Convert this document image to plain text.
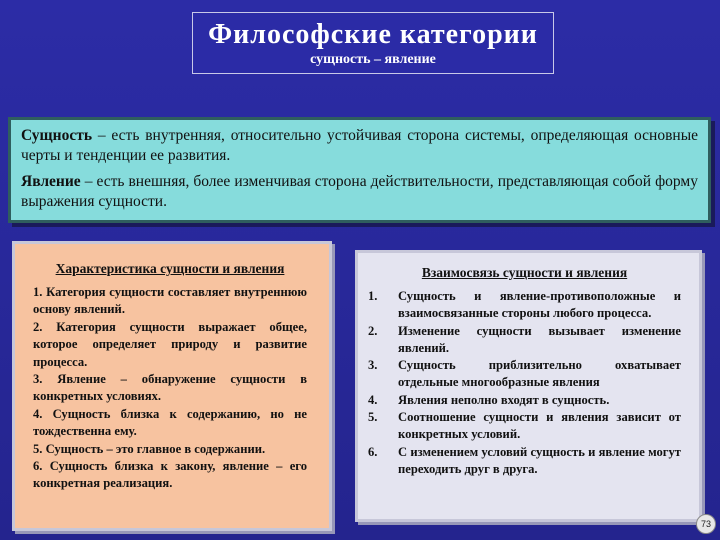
Философские категории
сущность – явление

Сущность – есть внутренняя, относительно устойчивая сторона системы, определяющая основные черты и тенденции ее развития.

Явление – есть внешняя, более изменчивая сторона действительности, представляющая собой форму выражения сущности.

Характеристика сущности и явления
1. Категория сущности составляет внутреннюю основу явлений.
2. Категория сущности выражает общее, которое определяет природу и развитие процесса.
3. Явление – обнаружение сущности в конкретных условиях.
4. Сущность близка к содержанию, но не тождественна ему.
5. Сущность – это главное в содержании.
6. Сущность близка к закону, явление – его конкретная реализация.
Взаимосвязь сущности и явления
1.	Сущность и явление-противоположные и взаимосвязанные стороны любого процесса.
2.	Изменение сущности вызывает изменение явлений.
3.	Сущность приблизительно охватывает отдельные многообразные явления
4.	Явления неполно входят в сущность.
5.	Соотношение сущности и явления зависит от конкретных условий.
6.	С изменением условий сущность и явление могут переходить друг в друга.
73
